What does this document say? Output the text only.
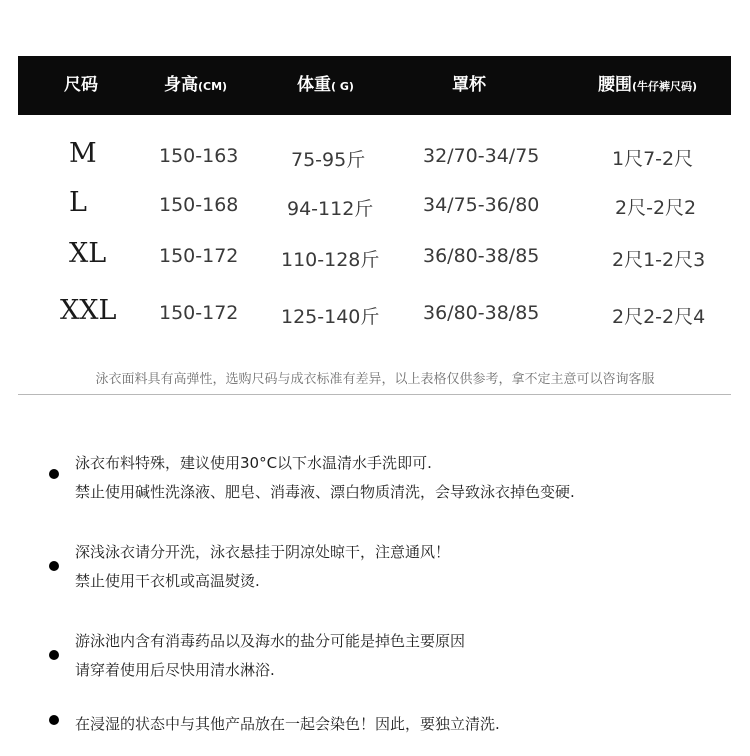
尺码	身高(CM)	体重( G)	罩杯	腰围(牛仔裤尺码)
M	150-163	75-95斤	32/70-34/75	1尺7-2尺
L	150-168	94-112斤	34/75-36/80	2尺-2尺2
XL	150-172 110-128斤 36/80-38/85	2尺1-2尺3
XXL 150-172 125-140斤 36/80-38/85	2尺2-2尺4
泳衣面料具有高弹性，选购尺码与成衣标准有差异，以上表格仅供参考，拿不定主意可以咨询客服
泳衣布料特殊，建议使用30°C以下水温清水手洗即可.
禁止使用碱性洗涤液、肥皂、消毒液、漂白物质清洗，会导致泳衣掉色变硬.
深浅泳衣请分开洗，泳衣悬挂于阴凉处晾干，注意通风！
禁止使用干衣机或高温熨烫.
游泳池内含有消毒药品以及海水的盐分可能是掉色主要原因
请穿着使用后尽快用清水淋浴.
在浸湿的状态中与其他产品放在一起会染色！因此，要独立清洗.
